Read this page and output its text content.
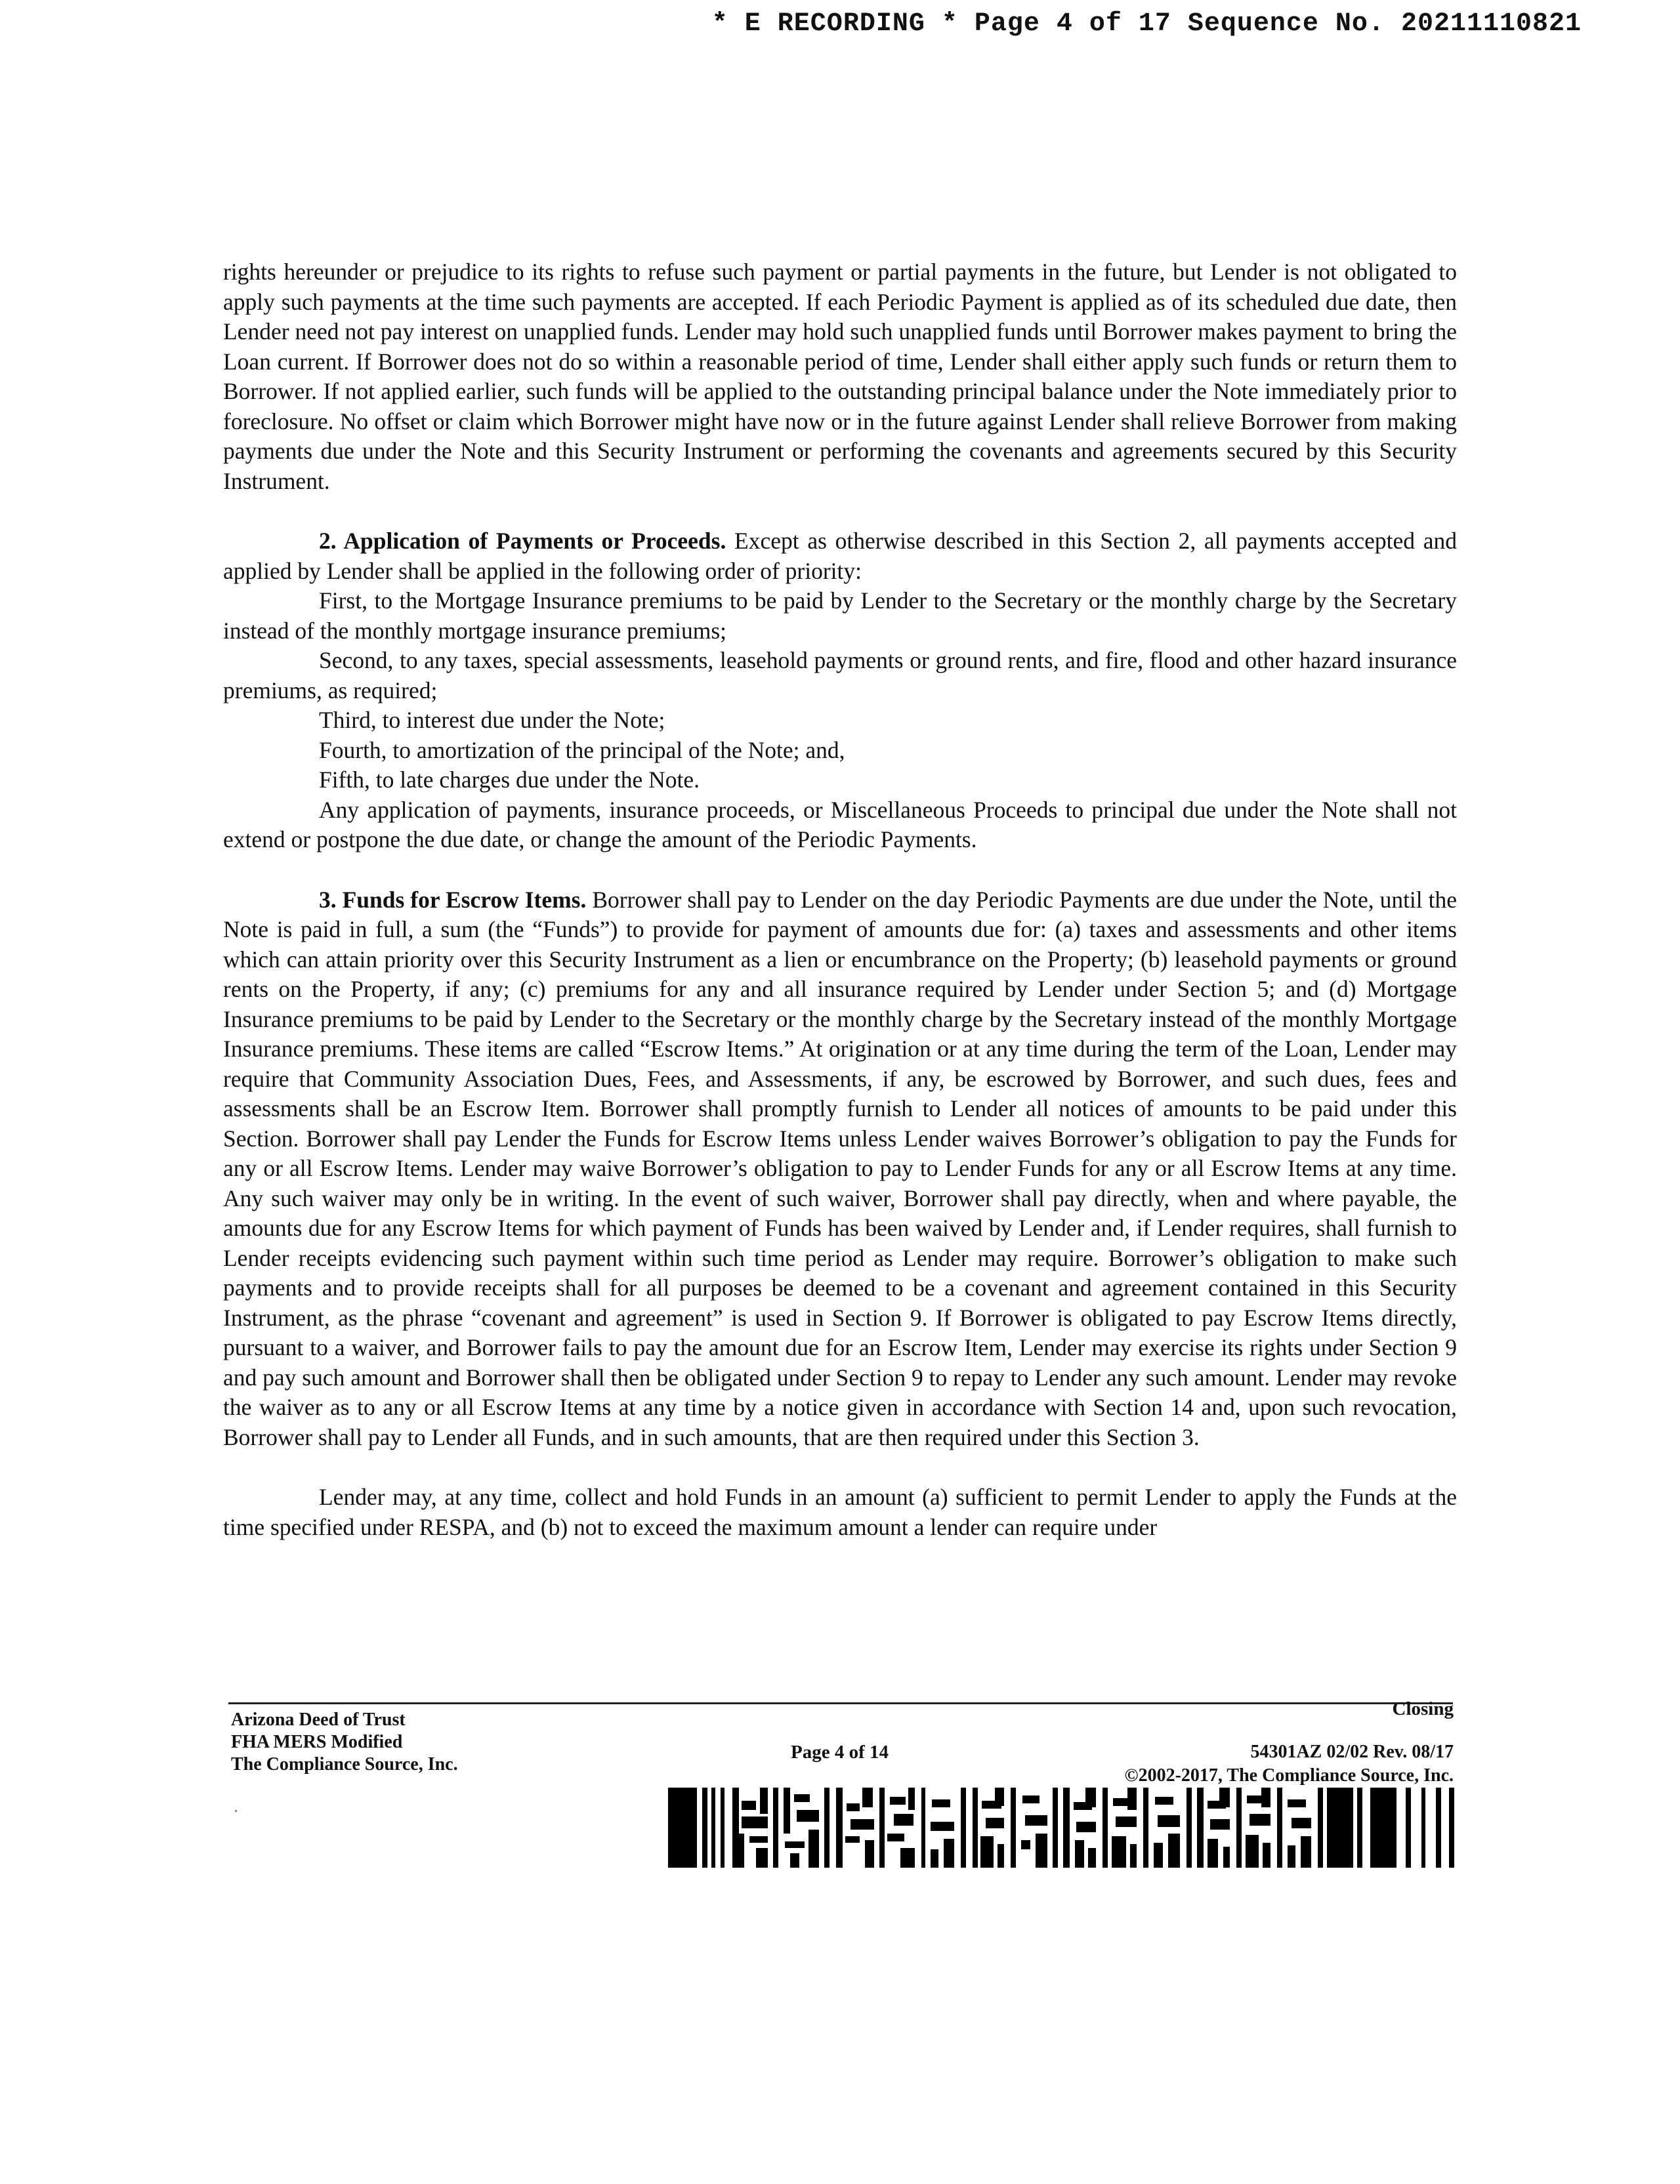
* E RECORDING * Page 4 of 17 Sequence No. 20211110821

rights hereunder or prejudice to its rights to refuse such payment or partial payments in the future, but Lender is not obligated to apply such payments at the time such payments are accepted. If each Periodic Payment is applied as of its scheduled due date, then Lender need not pay interest on unapplied funds. Lender may hold such unapplied funds until Borrower makes payment to bring the Loan current. If Borrower does not do so within a reasonable period of time, Lender shall either apply such funds or return them to Borrower. If not applied earlier, such funds will be applied to the outstanding principal balance under the Note immediately prior to foreclosure. No offset or claim which Borrower might have now or in the future against Lender shall relieve Borrower from making payments due under the Note and this Security Instrument or performing the covenants and agreements secured by this Security Instrument.

2. Application of Payments or Proceeds. Except as otherwise described in this Section 2, all payments accepted and applied by Lender shall be applied in the following order of priority:

First, to the Mortgage Insurance premiums to be paid by Lender to the Secretary or the monthly charge by the Secretary instead of the monthly mortgage insurance premiums;

Second, to any taxes, special assessments, leasehold payments or ground rents, and fire, flood and other hazard insurance premiums, as required;

Third, to interest due under the Note;

Fourth, to amortization of the principal of the Note; and,

Fifth, to late charges due under the Note.

Any application of payments, insurance proceeds, or Miscellaneous Proceeds to principal due under the Note shall not extend or postpone the due date, or change the amount of the Periodic Payments.

3. Funds for Escrow Items. Borrower shall pay to Lender on the day Periodic Payments are due under the Note, until the Note is paid in full, a sum (the “Funds”) to provide for payment of amounts due for: (a) taxes and assessments and other items which can attain priority over this Security Instrument as a lien or encumbrance on the Property; (b) leasehold payments or ground rents on the Property, if any; (c) premiums for any and all insurance required by Lender under Section 5; and (d) Mortgage Insurance premiums to be paid by Lender to the Secretary or the monthly charge by the Secretary instead of the monthly Mortgage Insurance premiums. These items are called “Escrow Items.” At origination or at any time during the term of the Loan, Lender may require that Community Association Dues, Fees, and Assessments, if any, be escrowed by Borrower, and such dues, fees and assessments shall be an Escrow Item. Borrower shall promptly furnish to Lender all notices of amounts to be paid under this Section. Borrower shall pay Lender the Funds for Escrow Items unless Lender waives Borrower’s obligation to pay the Funds for any or all Escrow Items. Lender may waive Borrower’s obligation to pay to Lender Funds for any or all Escrow Items at any time. Any such waiver may only be in writing. In the event of such waiver, Borrower shall pay directly, when and where payable, the amounts due for any Escrow Items for which payment of Funds has been waived by Lender and, if Lender requires, shall furnish to Lender receipts evidencing such payment within such time period as Lender may require. Borrower’s obligation to make such payments and to provide receipts shall for all purposes be deemed to be a covenant and agreement contained in this Security Instrument, as the phrase “covenant and agreement” is used in Section 9. If Borrower is obligated to pay Escrow Items directly, pursuant to a waiver, and Borrower fails to pay the amount due for an Escrow Item, Lender may exercise its rights under Section 9 and pay such amount and Borrower shall then be obligated under Section 9 to repay to Lender any such amount. Lender may revoke the waiver as to any or all Escrow Items at any time by a notice given in accordance with Section 14 and, upon such revocation, Borrower shall pay to Lender all Funds, and in such amounts, that are then required under this Section 3.

Lender may, at any time, collect and hold Funds in an amount (a) sufficient to permit Lender to apply the Funds at the time specified under RESPA, and (b) not to exceed the maximum amount a lender can require under

Arizona Deed of Trust
FHA MERS Modified
The Compliance Source, Inc.
Closing
Page 4 of 14	54301AZ 02/02 Rev. 08/17
©2002-2017, The Compliance Source, Inc.
